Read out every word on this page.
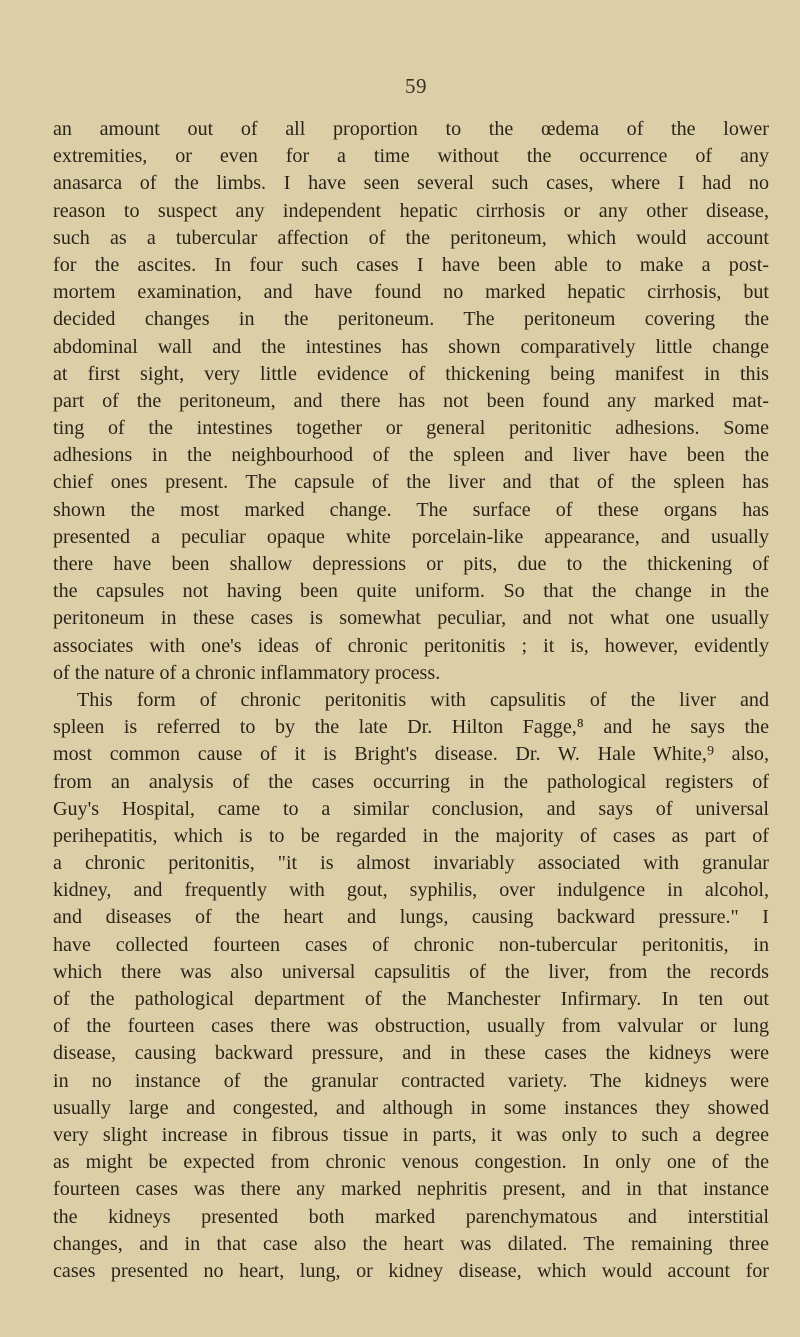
59
an amount out of all proportion to the œdema of the lower
extremities, or even for a time without the occurrence of any
anasarca of the limbs. I have seen several such cases, where I had no
reason to suspect any independent hepatic cirrhosis or any other disease,
such as a tubercular affection of the peritoneum, which would account
for the ascites. In four such cases I have been able to make a post-
mortem examination, and have found no marked hepatic cirrhosis, but
decided changes in the peritoneum. The peritoneum covering the
abdominal wall and the intestines has shown comparatively little change
at first sight, very little evidence of thickening being manifest in this
part of the peritoneum, and there has not been found any marked mat-
ting of the intestines together or general peritonitic adhesions. Some
adhesions in the neighbourhood of the spleen and liver have been the
chief ones present. The capsule of the liver and that of the spleen has
shown the most marked change. The surface of these organs has
presented a peculiar opaque white porcelain-like appearance, and usually
there have been shallow depressions or pits, due to the thickening of
the capsules not having been quite uniform. So that the change in the
peritoneum in these cases is somewhat peculiar, and not what one usually
associates with one's ideas of chronic peritonitis ; it is, however, evidently
of the nature of a chronic inflammatory process.
This form of chronic peritonitis with capsulitis of the liver and
spleen is referred to by the late Dr. Hilton Fagge,⁸ and he says the
most common cause of it is Bright's disease. Dr. W. Hale White,⁹ also,
from an analysis of the cases occurring in the pathological registers of
Guy's Hospital, came to a similar conclusion, and says of universal
perihepatitis, which is to be regarded in the majority of cases as part of
a chronic peritonitis, "it is almost invariably associated with granular
kidney, and frequently with gout, syphilis, over indulgence in alcohol,
and diseases of the heart and lungs, causing backward pressure." I
have collected fourteen cases of chronic non-tubercular peritonitis, in
which there was also universal capsulitis of the liver, from the records
of the pathological department of the Manchester Infirmary. In ten out
of the fourteen cases there was obstruction, usually from valvular or lung
disease, causing backward pressure, and in these cases the kidneys were
in no instance of the granular contracted variety. The kidneys were
usually large and congested, and although in some instances they showed
very slight increase in fibrous tissue in parts, it was only to such a degree
as might be expected from chronic venous congestion. In only one of the
fourteen cases was there any marked nephritis present, and in that instance
the kidneys presented both marked parenchymatous and interstitial
changes, and in that case also the heart was dilated. The remaining three
cases presented no heart, lung, or kidney disease, which would account for
